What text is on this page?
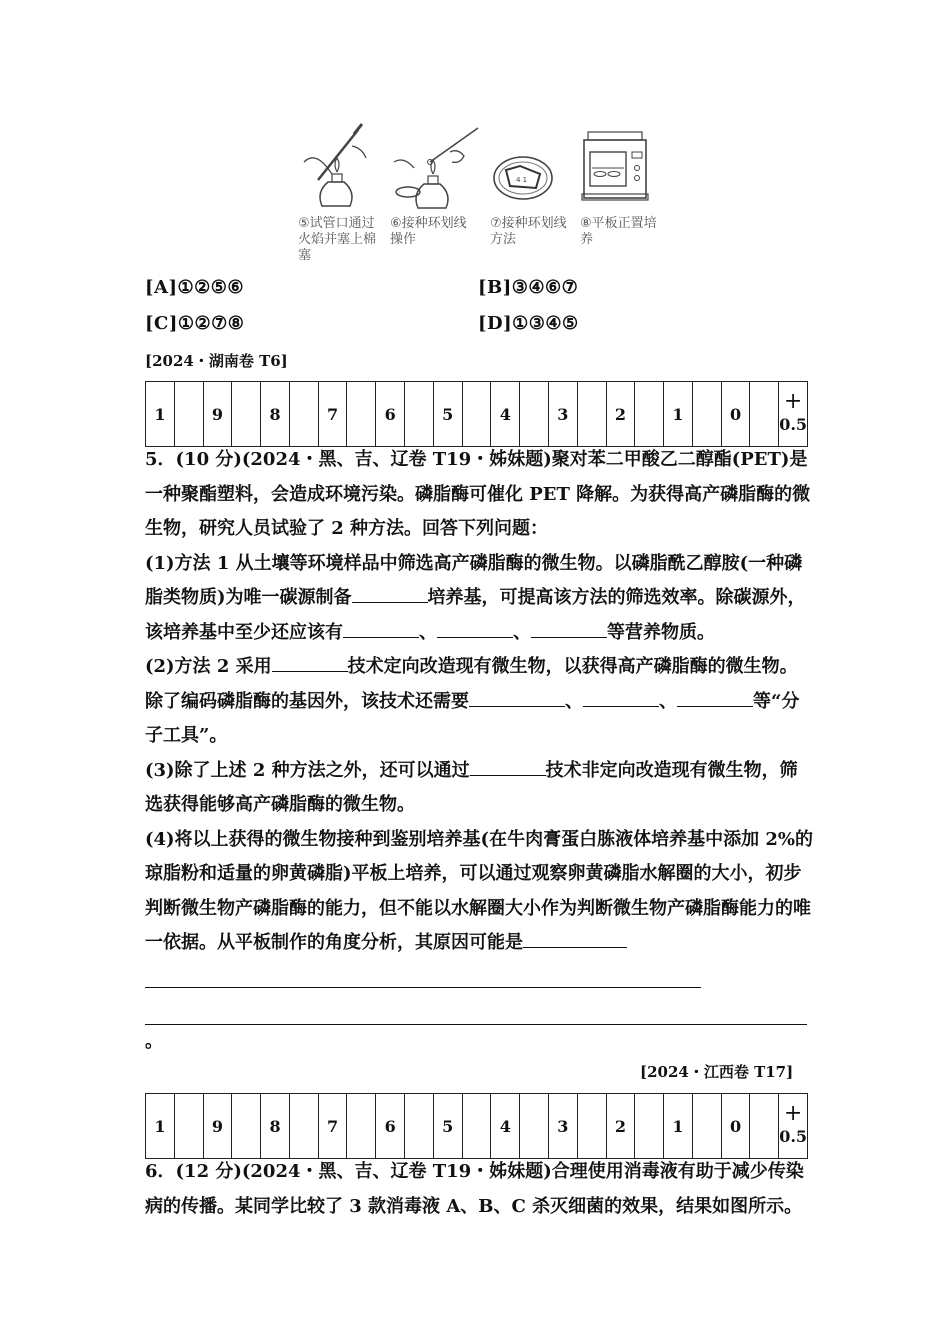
⑤试管口通过火焰并塞上棉塞
⑥接种环划线操作
4 1
⑦接种环划线方法
⑧平板正置培养
[A]①②⑤⑥	[B]③④⑥⑦
[C]①②⑦⑧	[D]①③④⑤
[2024・湖南卷 T6]
1		9		8		7		6		5		4		3		2		1		0		+
0.5

5．(10 分)(2024・黑、吉、辽卷 T19・姊妹题)聚对苯二甲酸乙二醇酯(PET)是一种聚酯塑料，会造成环境污染。磷脂酶可催化 PET 降解。为获得高产磷脂酶的微生物，研究人员试验了 2 种方法。回答下列问题：

(1)方法 1 从土壤等环境样品中筛选高产磷脂酶的微生物。以磷脂酰乙醇胺(一种磷脂类物质)为唯一碳源制备	培养基，可提高该方法的筛选效率。除碳源外，该培养基中至少还应该有	、	、	等营养物质。

(2)方法 2 采用	技术定向改造现有微生物，以获得高产磷脂酶的微生物。除了编码磷脂酶的基因外，该技术还需要	、	、	等“分子工具”。

(3)除了上述 2 种方法之外，还可以通过	技术非定向改造现有微生物，筛选获得能够高产磷脂酶的微生物。

(4)将以上获得的微生物接种到鉴别培养基(在牛肉膏蛋白胨液体培养基中添加 2%的琼脂粉和适量的卵黄磷脂)平板上培养，可以通过观察卵黄磷脂水解圈的大小，初步判断微生物产磷脂酶的能力，但不能以水解圈大小作为判断微生物产磷脂酶能力的唯一依据。从平板制作的角度分析，其原因可能是

。

[2024・江西卷 T17]
1		9		8		7		6		5		4		3		2		1		0		+
0.5

6．(12 分)(2024・黑、吉、辽卷 T19・姊妹题)合理使用消毒液有助于减少传染病的传播。某同学比较了 3 款消毒液 A、B、C 杀灭细菌的效果，结果如图所示。
